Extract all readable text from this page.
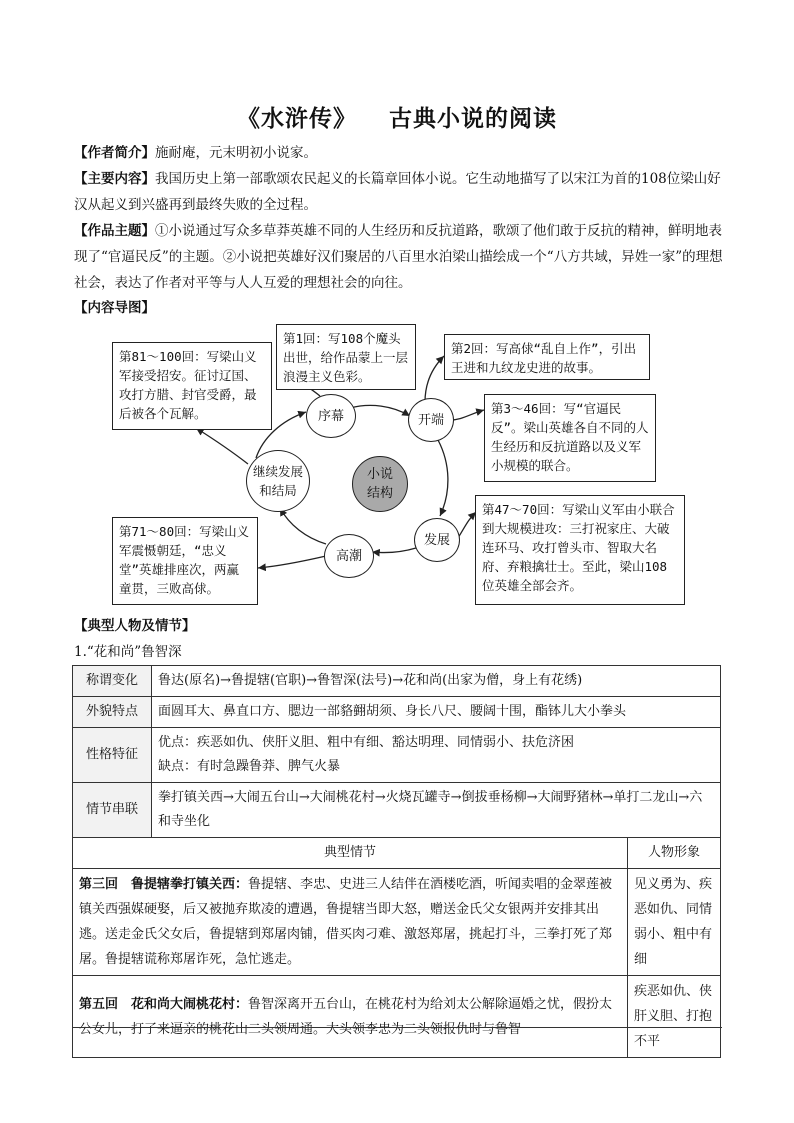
《水浒传》 古典小说的阅读
【作者简介】施耐庵，元末明初小说家。
【主要内容】我国历史上第一部歌颂农民起义的长篇章回体小说。它生动地描写了以宋江为首的108位梁山好汉从起义到兴盛再到最终失败的全过程。
【作品主题】①小说通过写众多草莽英雄不同的人生经历和反抗道路，歌颂了他们敢于反抗的精神，鲜明地表现了“官逼民反”的主题。②小说把英雄好汉们聚居的八百里水泊梁山描绘成一个“八方共域，异姓一家”的理想社会，表达了作者对平等与人人互爱的理想社会的向往。
【内容导图】
第1回：写108个魔头出世，给作品蒙上一层浪漫主义色彩。
第2回：写高俅“乱自上作”，引出王进和九纹龙史进的故事。
第3～46回：写“官逼民反”。梁山英雄各自不同的人生经历和反抗道路以及义军小规模的联合。
第47～70回：写梁山义军由小联合到大规模进攻：三打祝家庄、大破连环马、攻打曾头市、智取大名府、弃粮擒壮士。至此，梁山108位英雄全部会齐。
第71～80回：写梁山义军震慑朝廷，“忠义堂”英雄排座次，两赢童贯，三败高俅。
第81～100回：写梁山义军接受招安。征讨辽国、攻打方腊、封官受爵，最后被各个瓦解。	序幕	开端
小说
结构
继续发展
和结局
发展
高潮
【典型人物及情节】
1.“花和尚”鲁智深
称谓变化	鲁达(原名)→鲁提辖(官职)→鲁智深(法号)→花和尚(出家为僧，身上有花绣)	
外貌特点	面圆耳大、鼻直口方、腮边一部貉𦒍胡须、身长八尺、腰阔十围，酯钵儿大小拳头	
性格特征	优点：疾恶如仇、侠肝义胆、粗中有细、豁达明理、同情弱小、扶危济困
缺点：有时急躁鲁莽、脾气火暴	

情节串联	拳打镇关西→大闹五台山→大闹桃花村→火烧瓦罐寺→倒拔垂杨柳→大闹野猪林→单打二龙山→六和寺坐化	
典型情节		人物形象
第三回　鲁提辖拳打镇关西：鲁提辖、李忠、史进三人结伴在酒楼吃酒，听闻卖唱的金翠莲被镇关西强媒硬娶，后又被抛弃欺凌的遭遇，鲁提辖当即大怒，赠送金氏父女银两并安排其出逃。送走金氏父女后，鲁提辖到郑屠肉铺，借买肉刁难、激怒郑屠，挑起打斗，三拳打死了郑屠。鲁提辖谎称郑屠诈死，急忙逃走。		见义勇为、疾恶如仇、同情弱小、粗中有细
第五回　花和尚大闹桃花村：鲁智深离开五台山，在桃花村为给刘太公解除逼婚之忧，假扮太公女儿，打了来逼亲的桃花山二头领周通。大头领李忠为二头领报仇时与鲁智		疾恶如仇、侠肝义胆、打抱不平
